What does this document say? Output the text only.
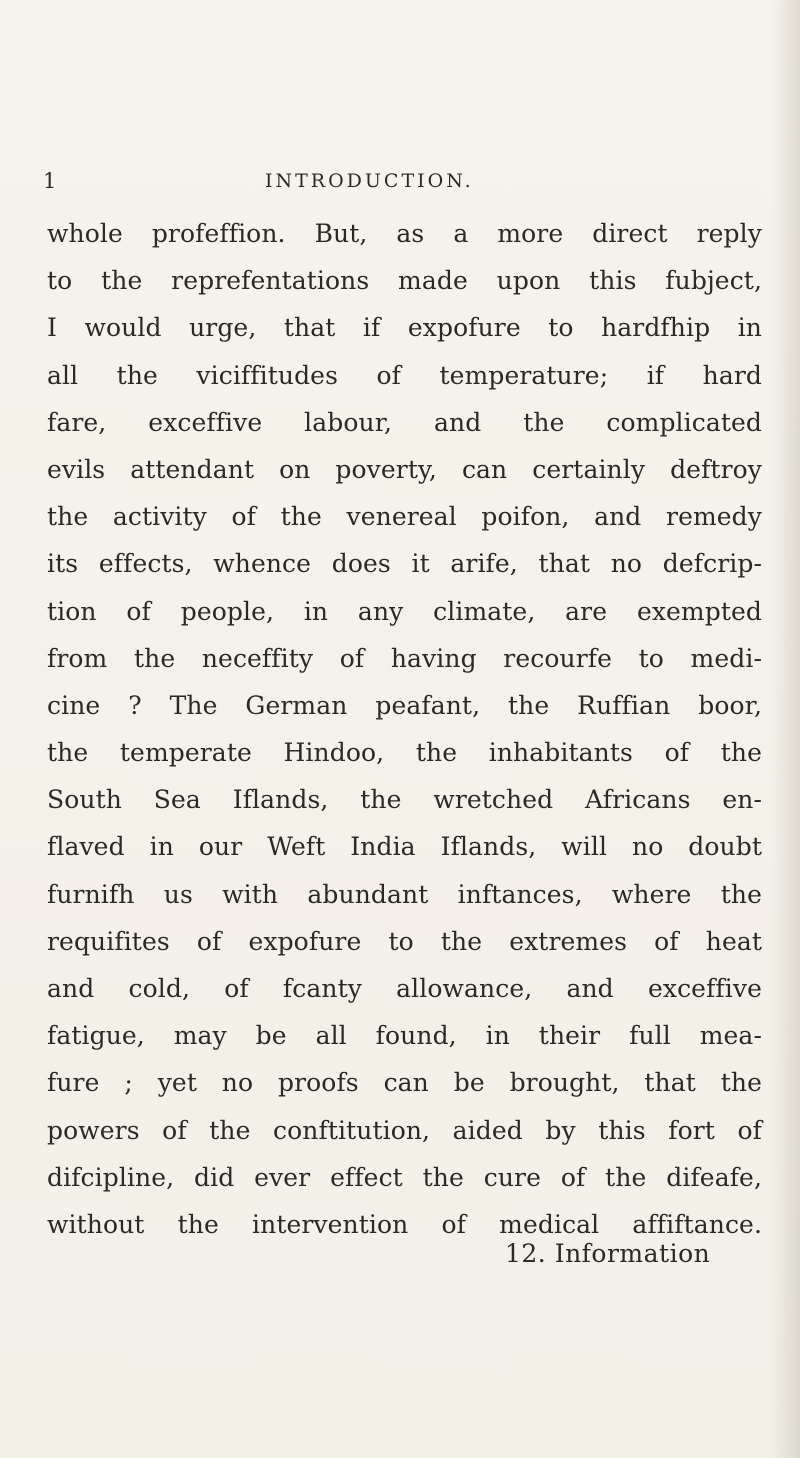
1	INTRODUCTION.
whole profeffion. But, as a more direct reply
to the reprefentations made upon this fubject,
I would urge, that if expofure to hardfhip in
all the viciffitudes of temperature; if hard
fare, exceffive labour, and the complicated
evils attendant on poverty, can certainly deftroy
the activity of the venereal poifon, and remedy
its effects, whence does it arife, that no defcrip-
tion of people, in any climate, are exempted
from the neceffity of having recourfe to medi-
cine ? The German peafant, the Ruffian boor,
the temperate Hindoo, the inhabitants of the
South Sea Iflands, the wretched Africans en-
flaved in our Weft India Iflands, will no doubt
furnifh us with abundant inftances, where the
requifites of expofure to the extremes of heat
and cold, of fcanty allowance, and exceffive
fatigue, may be all found, in their full mea-
fure ; yet no proofs can be brought, that the
powers of the conftitution, aided by this fort of
difcipline, did ever effect the cure of the difeafe,
without the intervention of medical affiftance.
12. Information
